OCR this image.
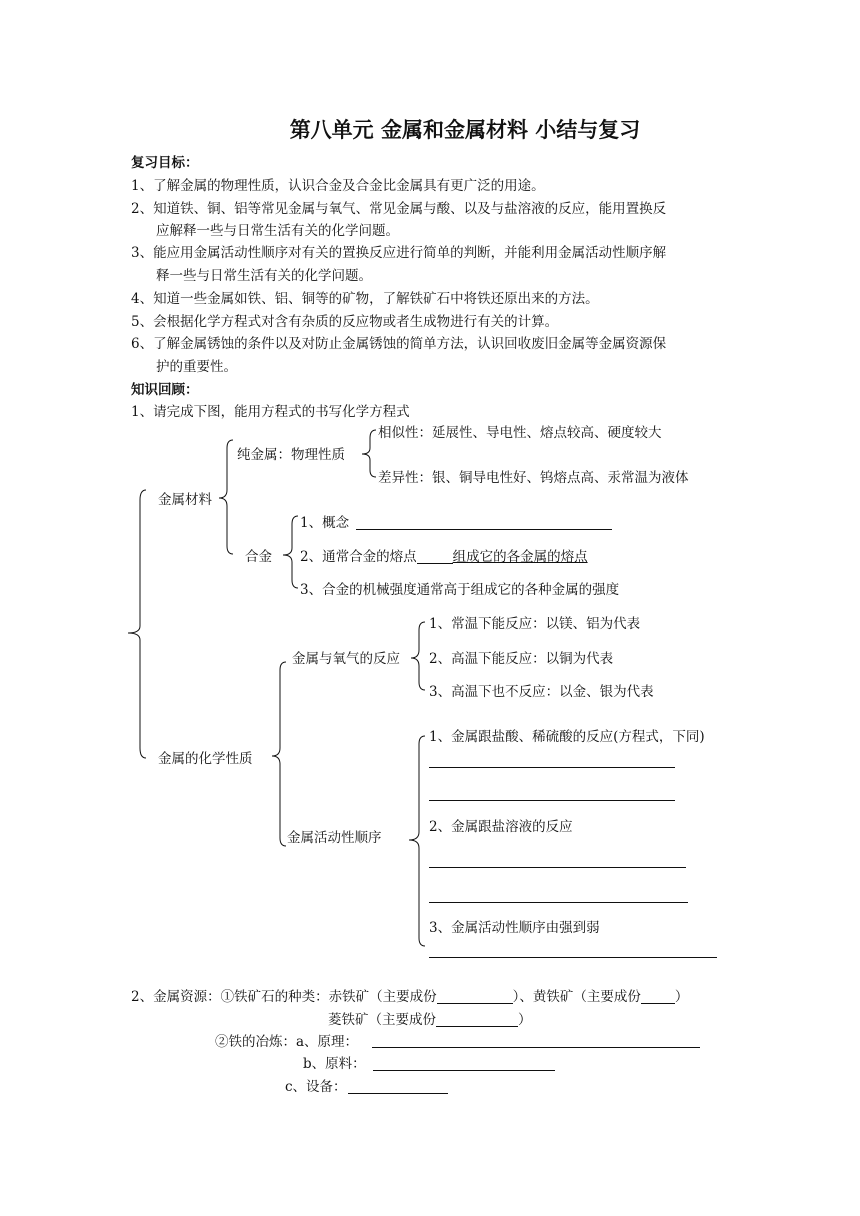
第八单元 金属和金属材料 小结与复习
复习目标：
1、了解金属的物理性质，认识合金及合金比金属具有更广泛的用途。
2、知道铁、铜、铝等常见金属与氧气、常见金属与酸、以及与盐溶液的反应，能用置换反
应解释一些与日常生活有关的化学问题。
3、能应用金属活动性顺序对有关的置换反应进行简单的判断，并能利用金属活动性顺序解
释一些与日常生活有关的化学问题。
4、知道一些金属如铁、铝、铜等的矿物，了解铁矿石中将铁还原出来的方法。
5、会根据化学方程式对含有杂质的反应物或者生成物进行有关的计算。
6、了解金属锈蚀的条件以及对防止金属锈蚀的简单方法，认识回收废旧金属等金属资源保
护的重要性。
知识回顾：
1、请完成下图，能用方程式的书写化学方程式
纯金属：物理性质
相似性：延展性、导电性、熔点较高、硬度较大
差异性：银、铜导电性好、钨熔点高、汞常温为液体
金属材料
1、概念
合金 2、通常合金的熔点	组成它的各金属的熔点
3、合金的机械强度通常高于组成它的各种金属的强度
1、常温下能反应：以镁、铝为代表
金属与氧气的反应 2、高温下能反应：以铜为代表
3、高温下也不反应：以金、银为代表
1、金属跟盐酸、稀硫酸的反应(方程式，下同)
金属的化学性质
2、金属跟盐溶液的反应
金属活动性顺序
3、金属活动性顺序由强到弱
2、金属资源：①铁矿石的种类：赤铁矿（主要成份	）、黄铁矿（主要成份	）
菱铁矿（主要成份	）
②铁的冶炼：a、原理：
b、原料：
c、设备：
